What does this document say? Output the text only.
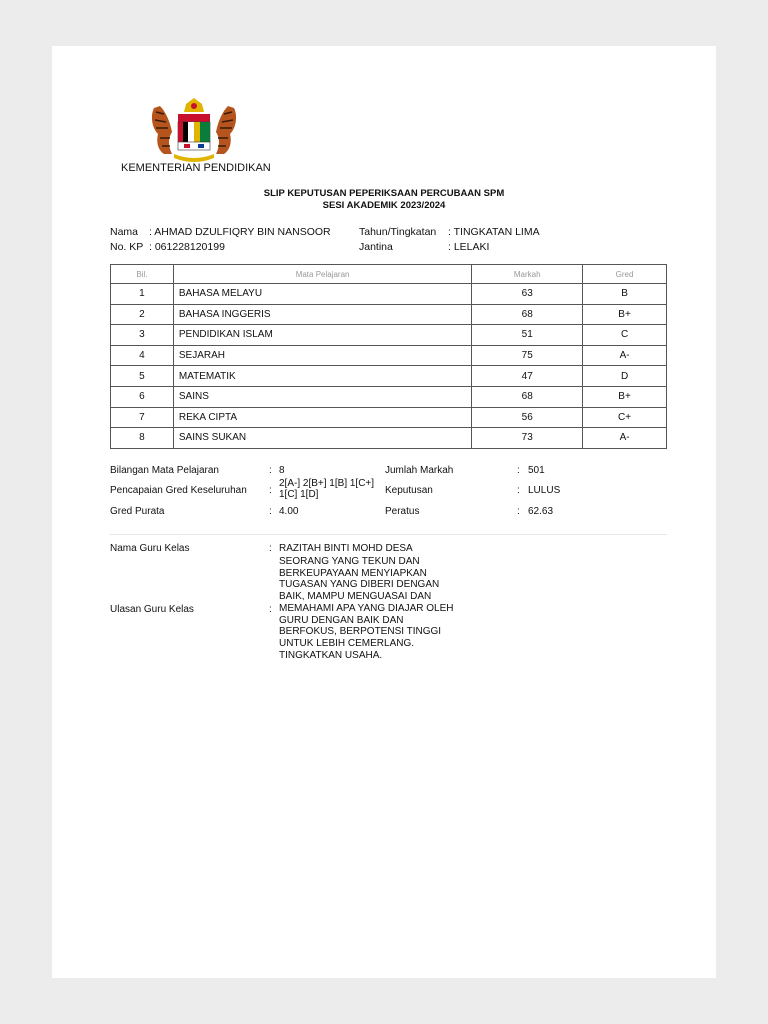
KEMENTERIAN PENDIDIKAN
SLIP KEPUTUSAN PEPERIKSAAN PERCUBAAN SPM
SESI AKADEMIK 2023/2024
Nama : AHMAD DZULFIQRY BIN NANSOOR
No. KP : 061228120199
Tahun/Tingkatan : TINGKATAN LIMA
Jantina	: LELAKI
Bil.	Mata Pelajaran	Markah	Gred
1	BAHASA MELAYU	63	B
2	BAHASA INGGERIS	68	B+
3	PENDIDIKAN ISLAM	51	C
4	SEJARAH	75	A-
5	MATEMATIK	47	D
6	SAINS	68	B+
7	REKA CIPTA	56	C+
8	SAINS SUKAN	73	A-
Bilangan Mata Pelajaran	: 8
Pencapaian Gred Keseluruhan :
2[A-] 2[B+] 1[B] 1[C+]
1[C] 1[D]
Gred Purata	: 4.00
Jumlah Markah	: 501
Keputusan	: LULUS
Peratus	: 62.63
Nama Guru Kelas	: RAZITAH BINTI MOHD DESA
Ulasan Guru Kelas	:
SEORANG YANG TEKUN DAN BERKEUPAYAAN MENYIAPKAN TUGASAN YANG DIBERI DENGAN BAIK, MAMPU MENGUASAI DAN MEMAHAMI APA YANG DIAJAR OLEH GURU DENGAN BAIK DAN BERFOKUS, BERPOTENSI TINGGI UNTUK LEBIH CEMERLANG. TINGKATKAN USAHA.
